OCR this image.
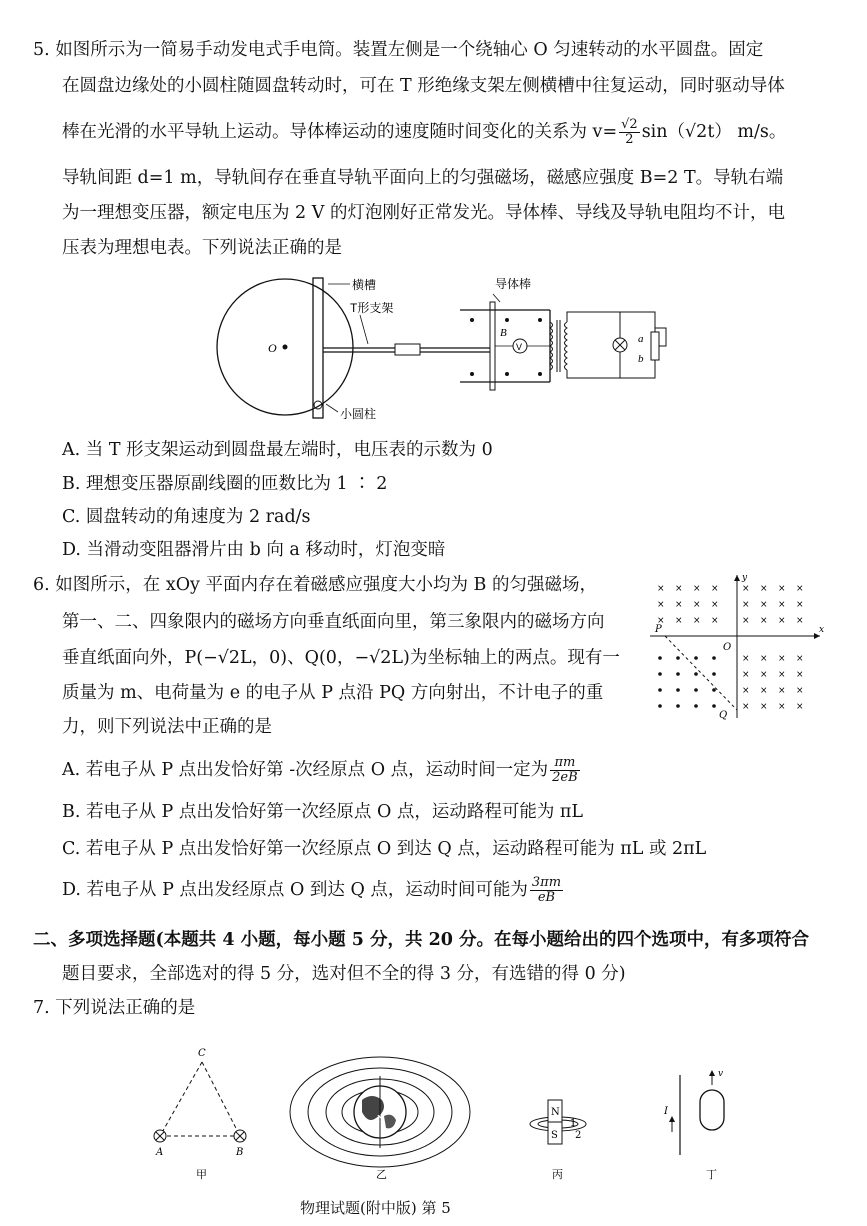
5. 如图所示为一简易手动发电式手电筒。装置左侧是一个绕轴心 O 匀速转动的水平圆盘。固定
在圆盘边缘处的小圆柱随圆盘转动时，可在 T 形绝缘支架左侧横槽中往复运动，同时驱动导体
棒在光滑的水平导轨上运动。导体棒运动的速度随时间变化的关系为 $v= \frac{√2}{2} \sin(√2t)$ m/s。
导轨间距 d=1 m，导轨间存在垂直导轨平面向上的匀强磁场，磁感应强度 B=2 T。导轨右端
为一理想变压器，额定电压为 2 V 的灯泡刚好正常发光。导体棒、导线及导轨电阻均不计，电
压表为理想电表。下列说法正确的是
O
横槽
T形支架
小圆柱
导体棒
B
V
a
b
A. 当 T 形支架运动到圆盘最左端时，电压表的示数为 0
B. 理想变压器原副线圈的匝数比为 1 ∶ 2
C. 圆盘转动的角速度为 2 rad/s
D. 当滑动变阻器滑片由 b 向 a 移动时，灯泡变暗
6. 如图所示，在 xOy 平面内存在着磁感应强度大小均为 B 的匀强磁场，
第一、二、四象限内的磁场方向垂直纸面向里，第三象限内的磁场方向
垂直纸面向外，P(−√2L，0)、Q(0，−√2L)为坐标轴上的两点。现有一
质量为 m、电荷量为 e 的电子从 P 点沿 PQ 方向射出，不计电子的重
力，则下列说法中正确的是
x
y
O
P
Q
× × × ×	× × × ×
× × × ×	× × × ×
× × × ×	× × × ×
× × × ×
× × × ×
× × × ×
× × × ×
A. 若电子从 P 点出发恰好第 -次经原点 O 点，运动时间一定为 $\frac{\pi m}{2eB}$
B. 若电子从 P 点出发恰好第一次经原点 O 点，运动路程可能为 πL
C. 若电子从 P 点出发恰好第一次经原点 O 到达 Q 点，运动路程可能为 πL 或 2πL
D. 若电子从 P 点出发经原点 O 到达 Q 点，运动时间可能为 $\frac{3\pi m}{eB}$
二、多项选择题(本题共 4 小题，每小题 5 分，共 20 分。在每小题给出的四个选项中，有多项符合
题目要求，全部选对的得 5 分，选对但不全的得 3 分，有选错的得 0 分)
7. 下列说法正确的是
C
A	B
甲
N
乙
N
S
1
2
丙
I
v
丁
物理试题(附中版) 第 5
